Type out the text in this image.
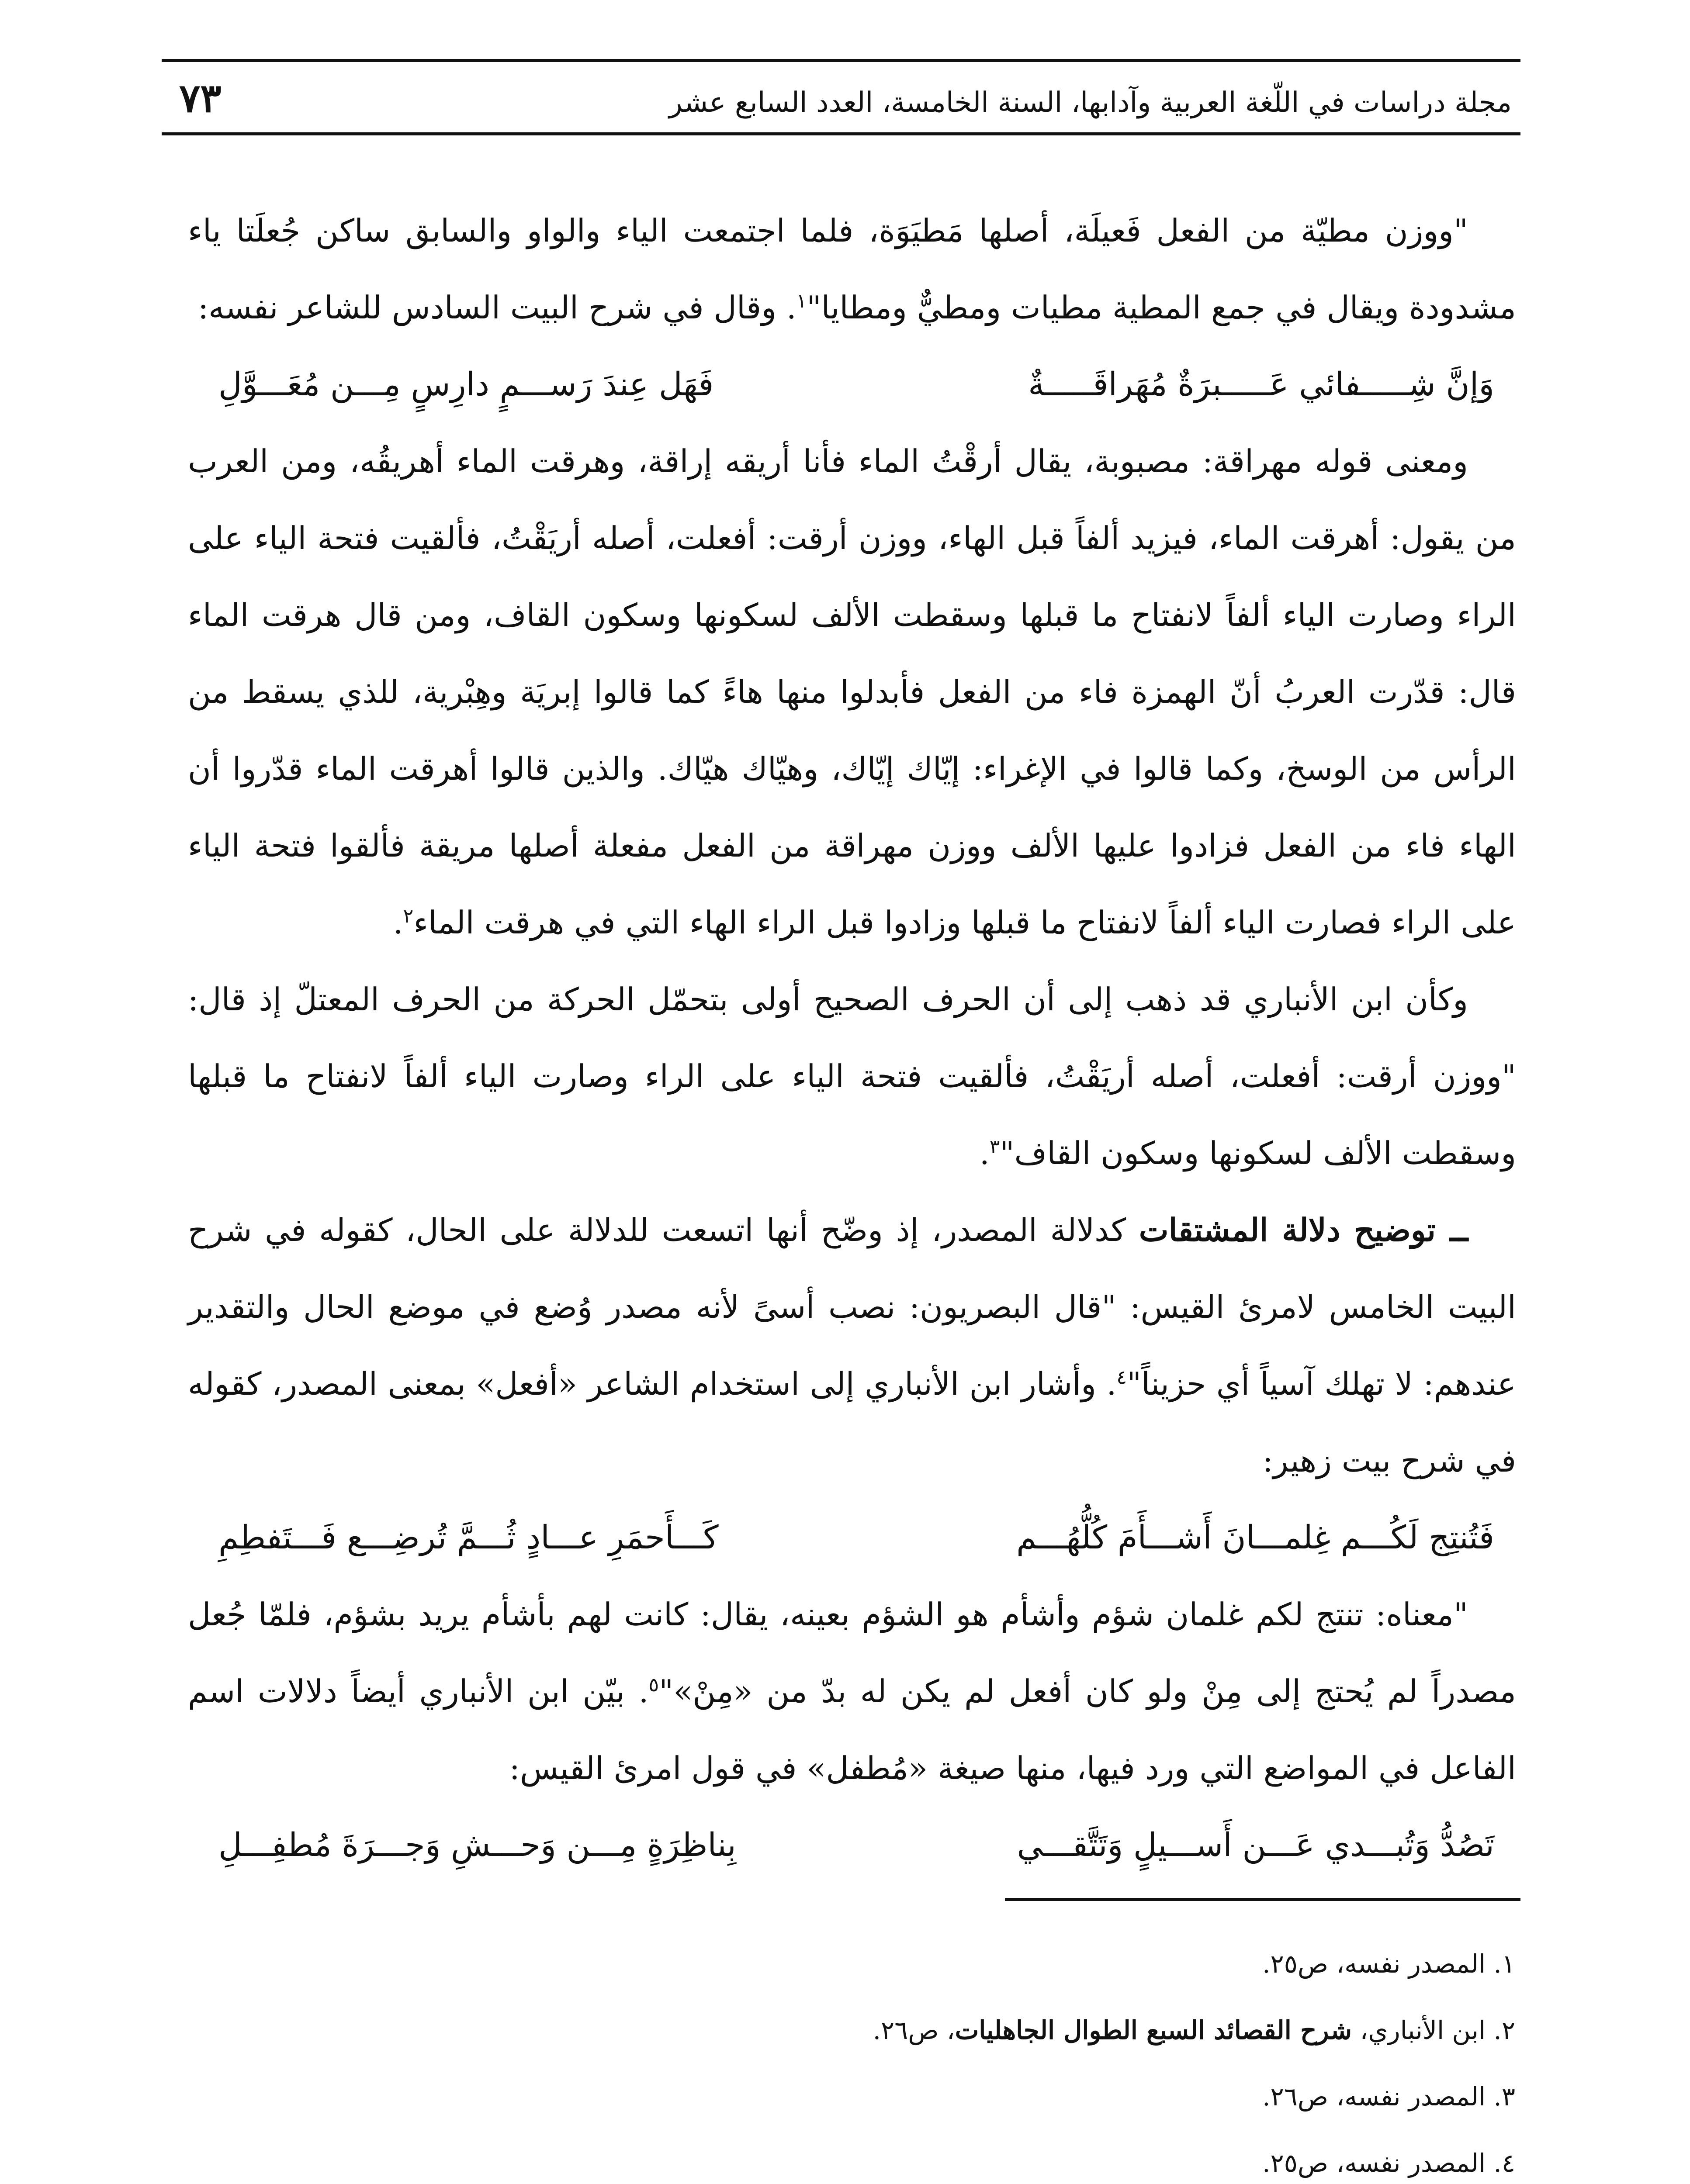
مجلة دراسات في اللّغة العربية وآدابها، السنة الخامسة، العدد السابع عشر
٧٣

"ووزن مطيّة من الفعل فَعيلَة، أصلها مَطيَوَة، فلما اجتمعت الياء والواو والسابق ساكن جُعلَتا ياء مشدودة ويقال في جمع المطية مطيات ومطيٌّ ومطايا"$^١$. وقال في شرح البيت السادس للشاعر نفسه:

وَإنَّ شِـــــفائي عَـــــبرَةٌ مُهَراقَـــــةٌ
فَهَل عِندَ رَســـمٍ دارِسٍ مِـــن مُعَـــوَّلِ

ومعنى قوله مهراقة: مصبوبة، يقال أرقْتُ الماء فأنا أريقه إراقة، وهرقت الماء أهريقُه، ومن العرب من يقول: أهرقت الماء، فيزيد ألفاً قبل الهاء، ووزن أرقت: أفعلت، أصله أريَقْتُ، فألقيت فتحة الياء على الراء وصارت الياء ألفاً لانفتاح ما قبلها وسقطت الألف لسكونها وسكون القاف، ومن قال هرقت الماء قال: قدّرت العربُ أنّ الهمزة فاء من الفعل فأبدلوا منها هاءً كما قالوا إبريَة وهِبْرية، للذي يسقط من الرأس من الوسخ، وكما قالوا في الإغراء: إيّاك إيّاك، وهيّاك هيّاك. والذين قالوا أهرقت الماء قدّروا أن الهاء فاء من الفعل فزادوا عليها الألف ووزن مهراقة من الفعل مفعلة أصلها مريقة فألقوا فتحة الياء على الراء فصارت الياء ألفاً لانفتاح ما قبلها وزادوا قبل الراء الهاء التي في هرقت الماء$^٢$.

وكأن ابن الأنباري قد ذهب إلى أن الحرف الصحيح أولى بتحمّل الحركة من الحرف المعتلّ إذ قال: "ووزن أرقت: أفعلت، أصله أريَقْتُ، فألقيت فتحة الياء على الراء وصارت الياء ألفاً لانفتاح ما قبلها وسقطت الألف لسكونها وسكون القاف"$^٣$.

ــ توضيح دلالة المشتقات كدلالة المصدر، إذ وضّح أنها اتسعت للدلالة على الحال، كقوله في شرح البيت الخامس لامرئ القيس: "قال البصريون: نصب أسىً لأنه مصدر وُضع في موضع الحال والتقدير عندهم: لا تهلك آسياً أي حزيناً"$^٤$. وأشار ابن الأنباري إلى استخدام الشاعر «أفعل» بمعنى المصدر، كقوله في شرح بيت زهير:

فَتُنتِج لَكُـــم غِلمـــانَ أَشـــأَمَ كُلُّهُـــم
كَـــأَحمَرِ عـــادٍ ثُـــمَّ تُرضِـــع فَـــتَفطِمِ

"معناه: تنتج لكم غلمان شؤم وأشأم هو الشؤم بعينه، يقال: كانت لهم بأشأم يريد بشؤم، فلمّا جُعل مصدراً لم يُحتج إلى مِنْ ولو كان أفعل لم يكن له بدّ من «مِنْ»"$^٥$. بيّن ابن الأنباري أيضاً دلالات اسم الفاعل في المواضع التي ورد فيها، منها صيغة «مُطفل» في قول امرئ القيس:

تَصُدُّ وَتُبـــدي عَـــن أَســـيلٍ وَتَتَّقـــي
بِناظِرَةٍ مِـــن وَحـــشِ وَجـــرَةَ مُطفِـــلِ
١. المصدر نفسه، ص٢٥.
٢. ابن الأنباري، شرح القصائد السبع الطوال الجاهليات، ص٢٦.
٣. المصدر نفسه، ص٢٦.
٤. المصدر نفسه، ص٢٥.
